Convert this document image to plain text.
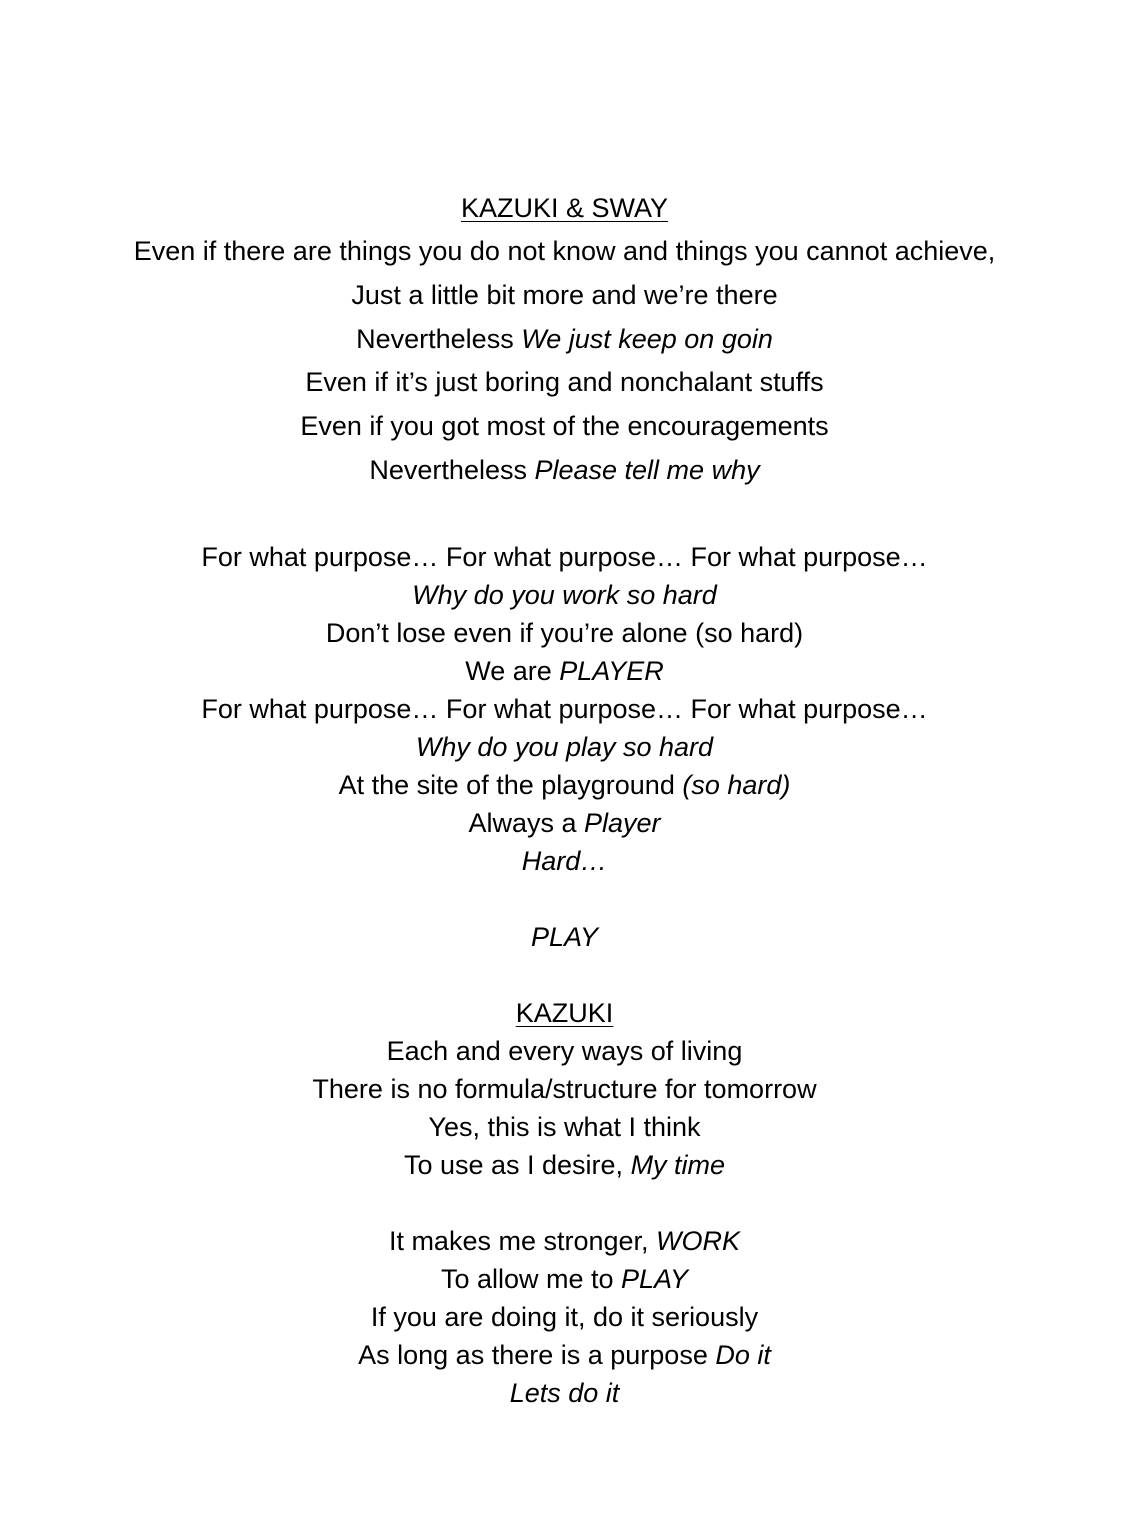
KAZUKI & SWAY
Even if there are things you do not know and things you cannot achieve,
Just a little bit more and we’re there
Nevertheless We just keep on goin
Even if it’s just boring and nonchalant stuffs
Even if you got most of the encouragements
Nevertheless Please tell me why
For what purpose… For what purpose… For what purpose…
Why do you work so hard
Don’t lose even if you’re alone (so hard)
We are PLAYER
For what purpose… For what purpose… For what purpose…
Why do you play so hard
At the site of the playground (so hard)
Always a Player
Hard…
PLAY
KAZUKI
Each and every ways of living
There is no formula/structure for tomorrow
Yes, this is what I think
To use as I desire, My time
It makes me stronger, WORK
To allow me to PLAY
If you are doing it, do it seriously
As long as there is a purpose Do it
Lets do it
